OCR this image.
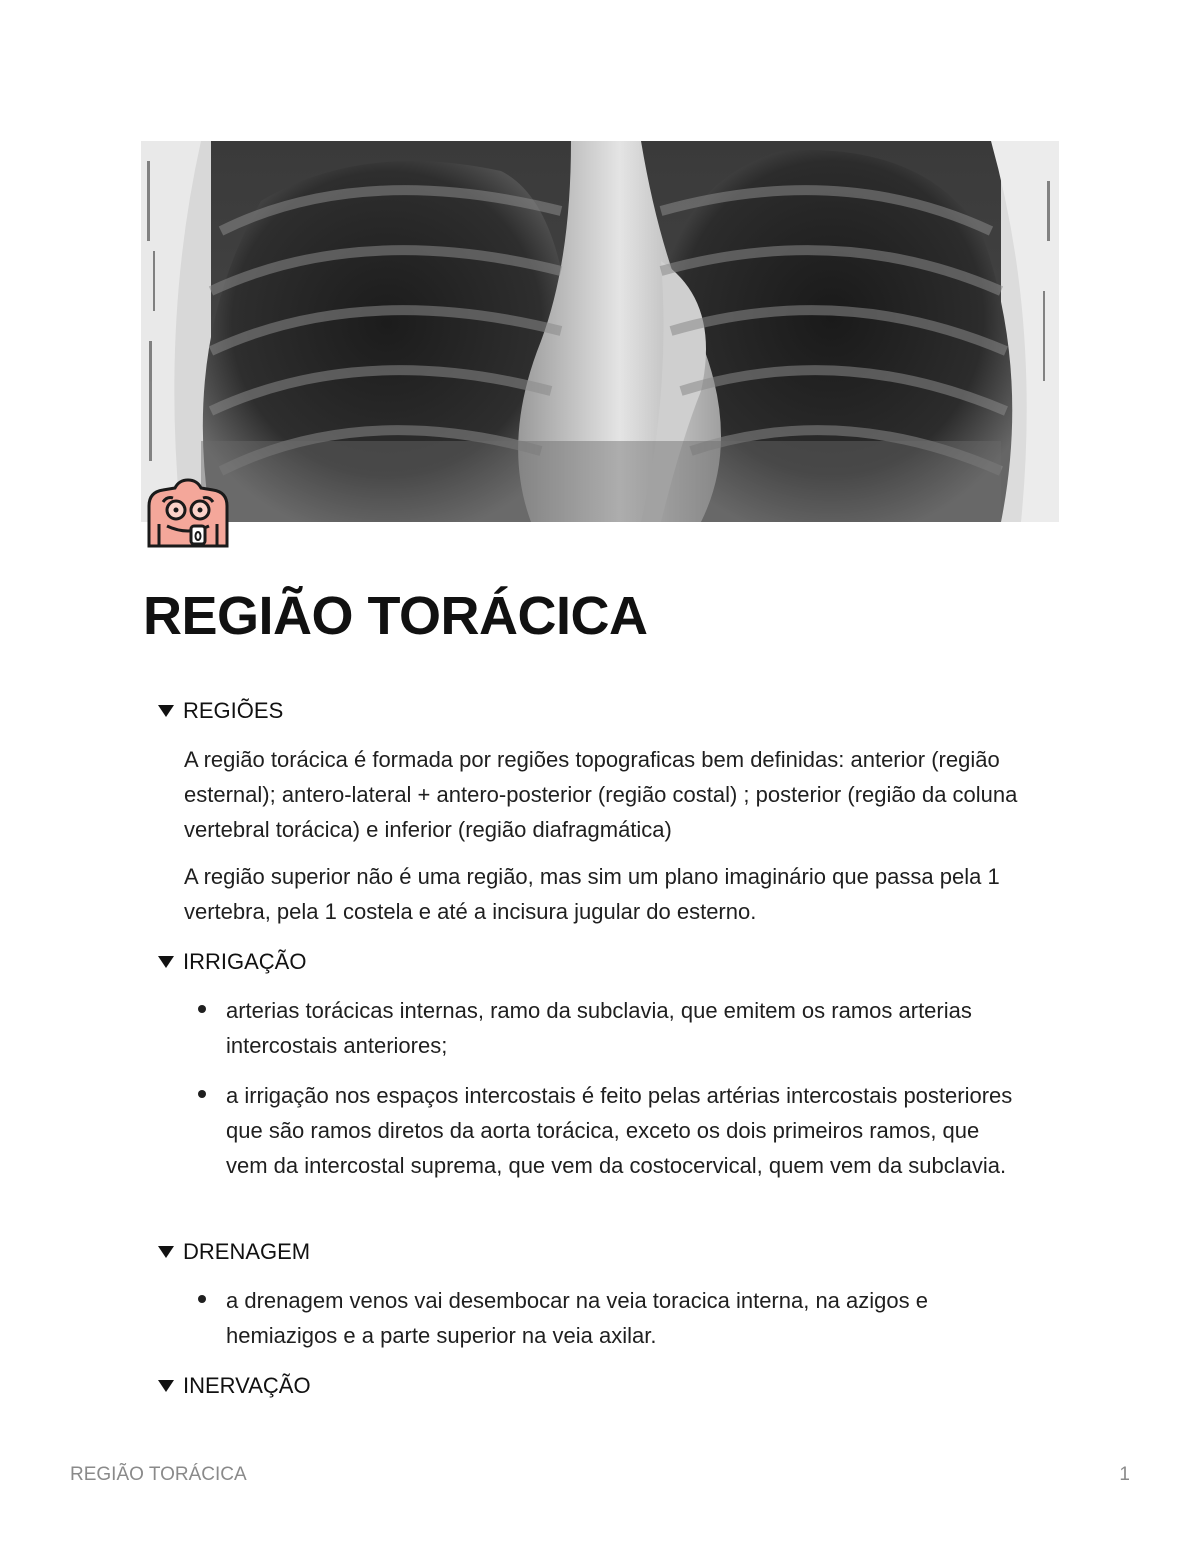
REGIÃO TORÁCICA
REGIÕES

A região torácica é formada por regiões topograficas bem definidas: anterior (região esternal); antero-lateral + antero-posterior (região costal) ; posterior (região da coluna vertebral torácica) e inferior (região diafragmática)

A região superior não é uma região, mas sim um plano imaginário que passa pela 1 vertebra, pela 1 costela e até a incisura jugular do esterno.

IRRIGAÇÃO
arterias torácicas internas, ramo da subclavia, que emitem os ramos arterias intercostais anteriores;
a irrigação nos espaços intercostais é feito pelas artérias intercostais posteriores que são ramos diretos da aorta torácica, exceto os dois primeiros ramos, que vem da intercostal suprema, que vem da costocervical, quem vem da subclavia.
DRENAGEM
a drenagem venos vai desembocar na veia toracica interna, na azigos e hemiazigos e a parte superior na veia axilar.
INERVAÇÃO
REGIÃO TORÁCICA	1
